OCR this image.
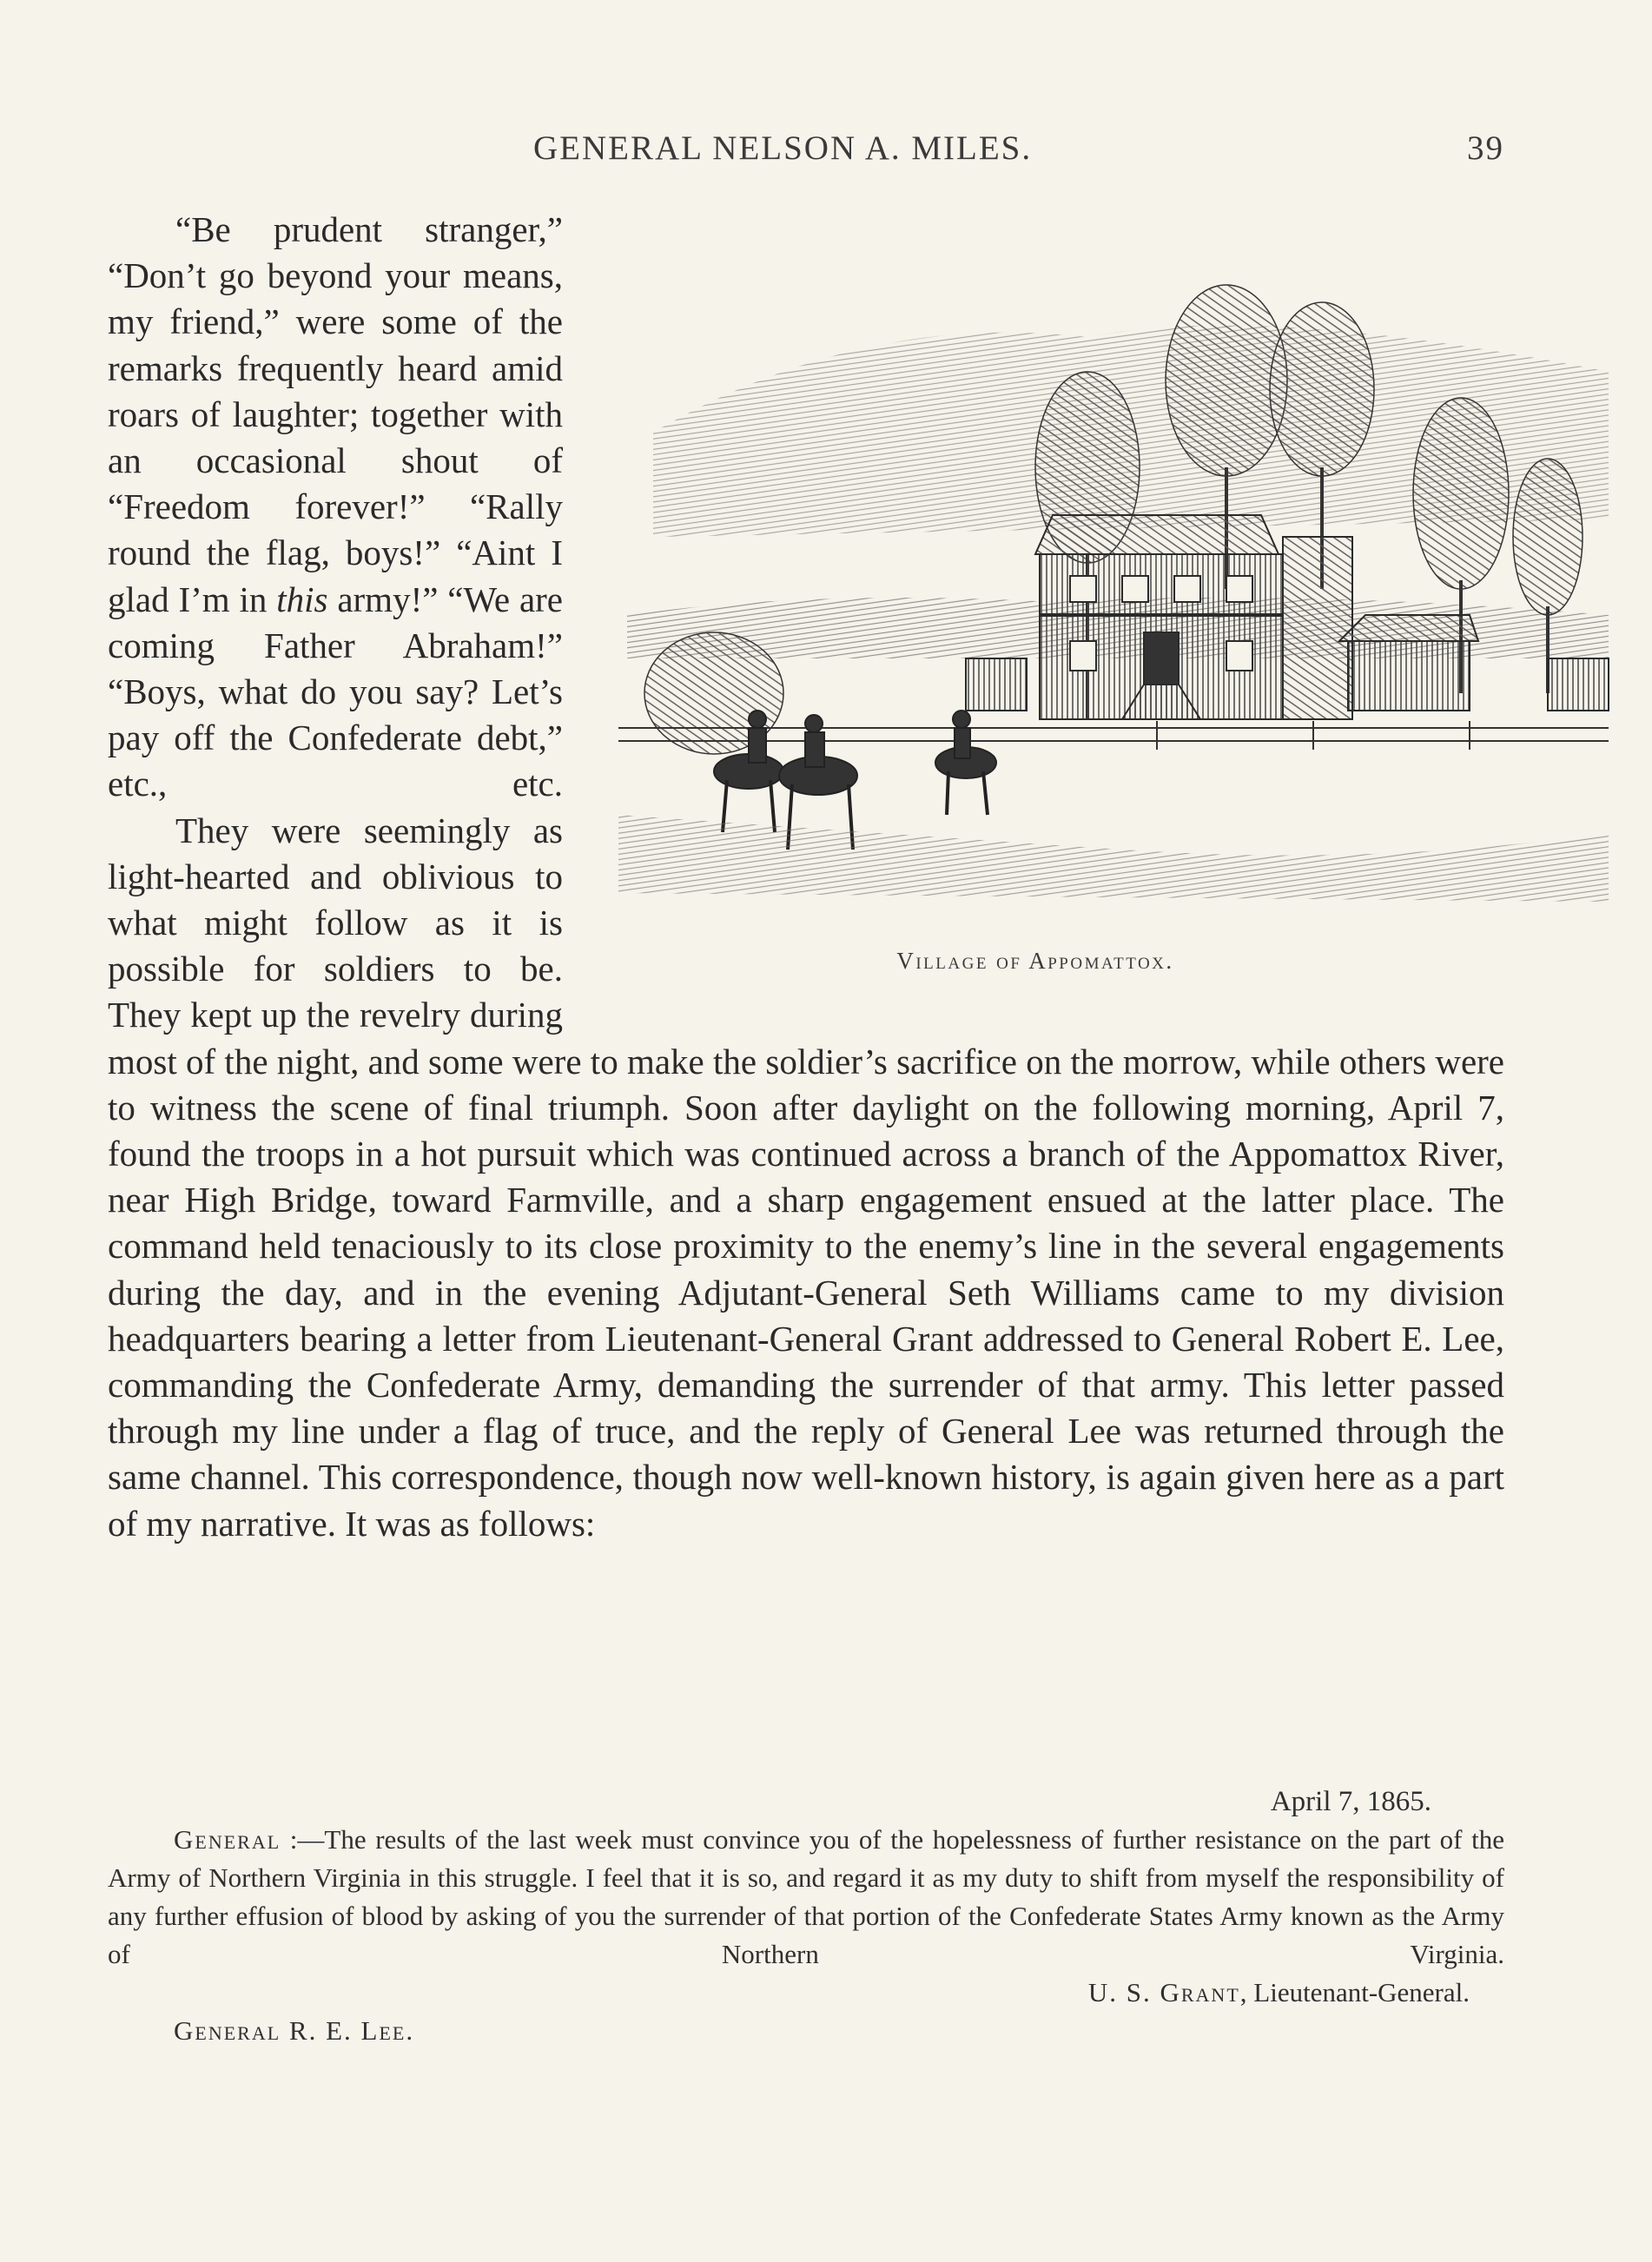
GENERAL NELSON A. MILES.	39
Village of Appomattox.

“Be prudent stranger,” “Don’t go beyond your means, my friend,” were some of the remarks frequently heard amid roars of laughter; together with an occasional shout of “Freedom forever!” “Rally round the flag, boys!” “Aint I glad I’m in this army!” “We are coming Father Abraham!” “Boys, what do you say? Let’s pay off the Confederate debt,” etc., etc.

They were seemingly as light-hearted and oblivious to what might follow as it is possible for soldiers to be. They kept up the revelry during most of the night, and some were to make the soldier’s sacrifice on the morrow, while others were to witness the scene of final triumph. Soon after daylight on the following morning, April 7, found the troops in a hot pursuit which was continued across a branch of the Appomattox River, near High Bridge, toward Farmville, and a sharp engagement ensued at the latter place. The command held tenaciously to its close proximity to the enemy’s line in the several engagements during the day, and in the evening Adjutant-General Seth Williams came to my division headquarters bearing a letter from Lieutenant-General Grant addressed to General Robert E. Lee, commanding the Confederate Army, demanding the surrender of that army. This letter passed through my line under a flag of truce, and the reply of General Lee was returned through the same channel. This correspondence, though now well-known history, is again given here as a part of my narrative. It was as follows:

April 7, 1865.

General :—The results of the last week must convince you of the hopelessness of further resistance on the part of the Army of Northern Virginia in this struggle. I feel that it is so, and regard it as my duty to shift from myself the responsibility of any further effusion of blood by asking of you the surrender of that portion of the Confederate States Army known as the Army of Northern Virginia.

U. S. Grant, Lieutenant-General.
General R. E. Lee.
